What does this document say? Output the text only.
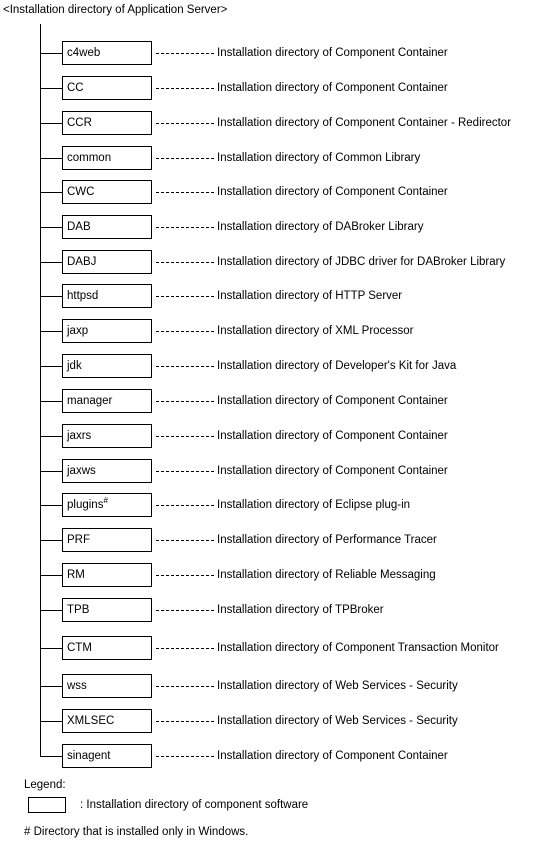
<Installation directory of Application Server>
c4web	Installation directory of Component Container
CC	Installation directory of Component Container
CCR	Installation directory of Component Container - Redirector
common	Installation directory of Common Library
CWC	Installation directory of Component Container
DAB	Installation directory of DABroker Library
DABJ	Installation directory of JDBC driver for DABroker Library
httpsd	Installation directory of HTTP Server
jaxp	Installation directory of XML Processor
jdk	Installation directory of Developer's Kit for Java
manager	Installation directory of Component Container
jaxrs	Installation directory of Component Container
jaxws	Installation directory of Component Container
plugins#	Installation directory of Eclipse plug-in
PRF	Installation directory of Performance Tracer
RM	Installation directory of Reliable Messaging
TPB	Installation directory of TPBroker
CTM	Installation directory of Component Transaction Monitor
wss	Installation directory of Web Services - Security
XMLSEC	Installation directory of Web Services - Security
sinagent	Installation directory of Component Container
Legend:
: Installation directory of component software
# Directory that is installed only in Windows.
